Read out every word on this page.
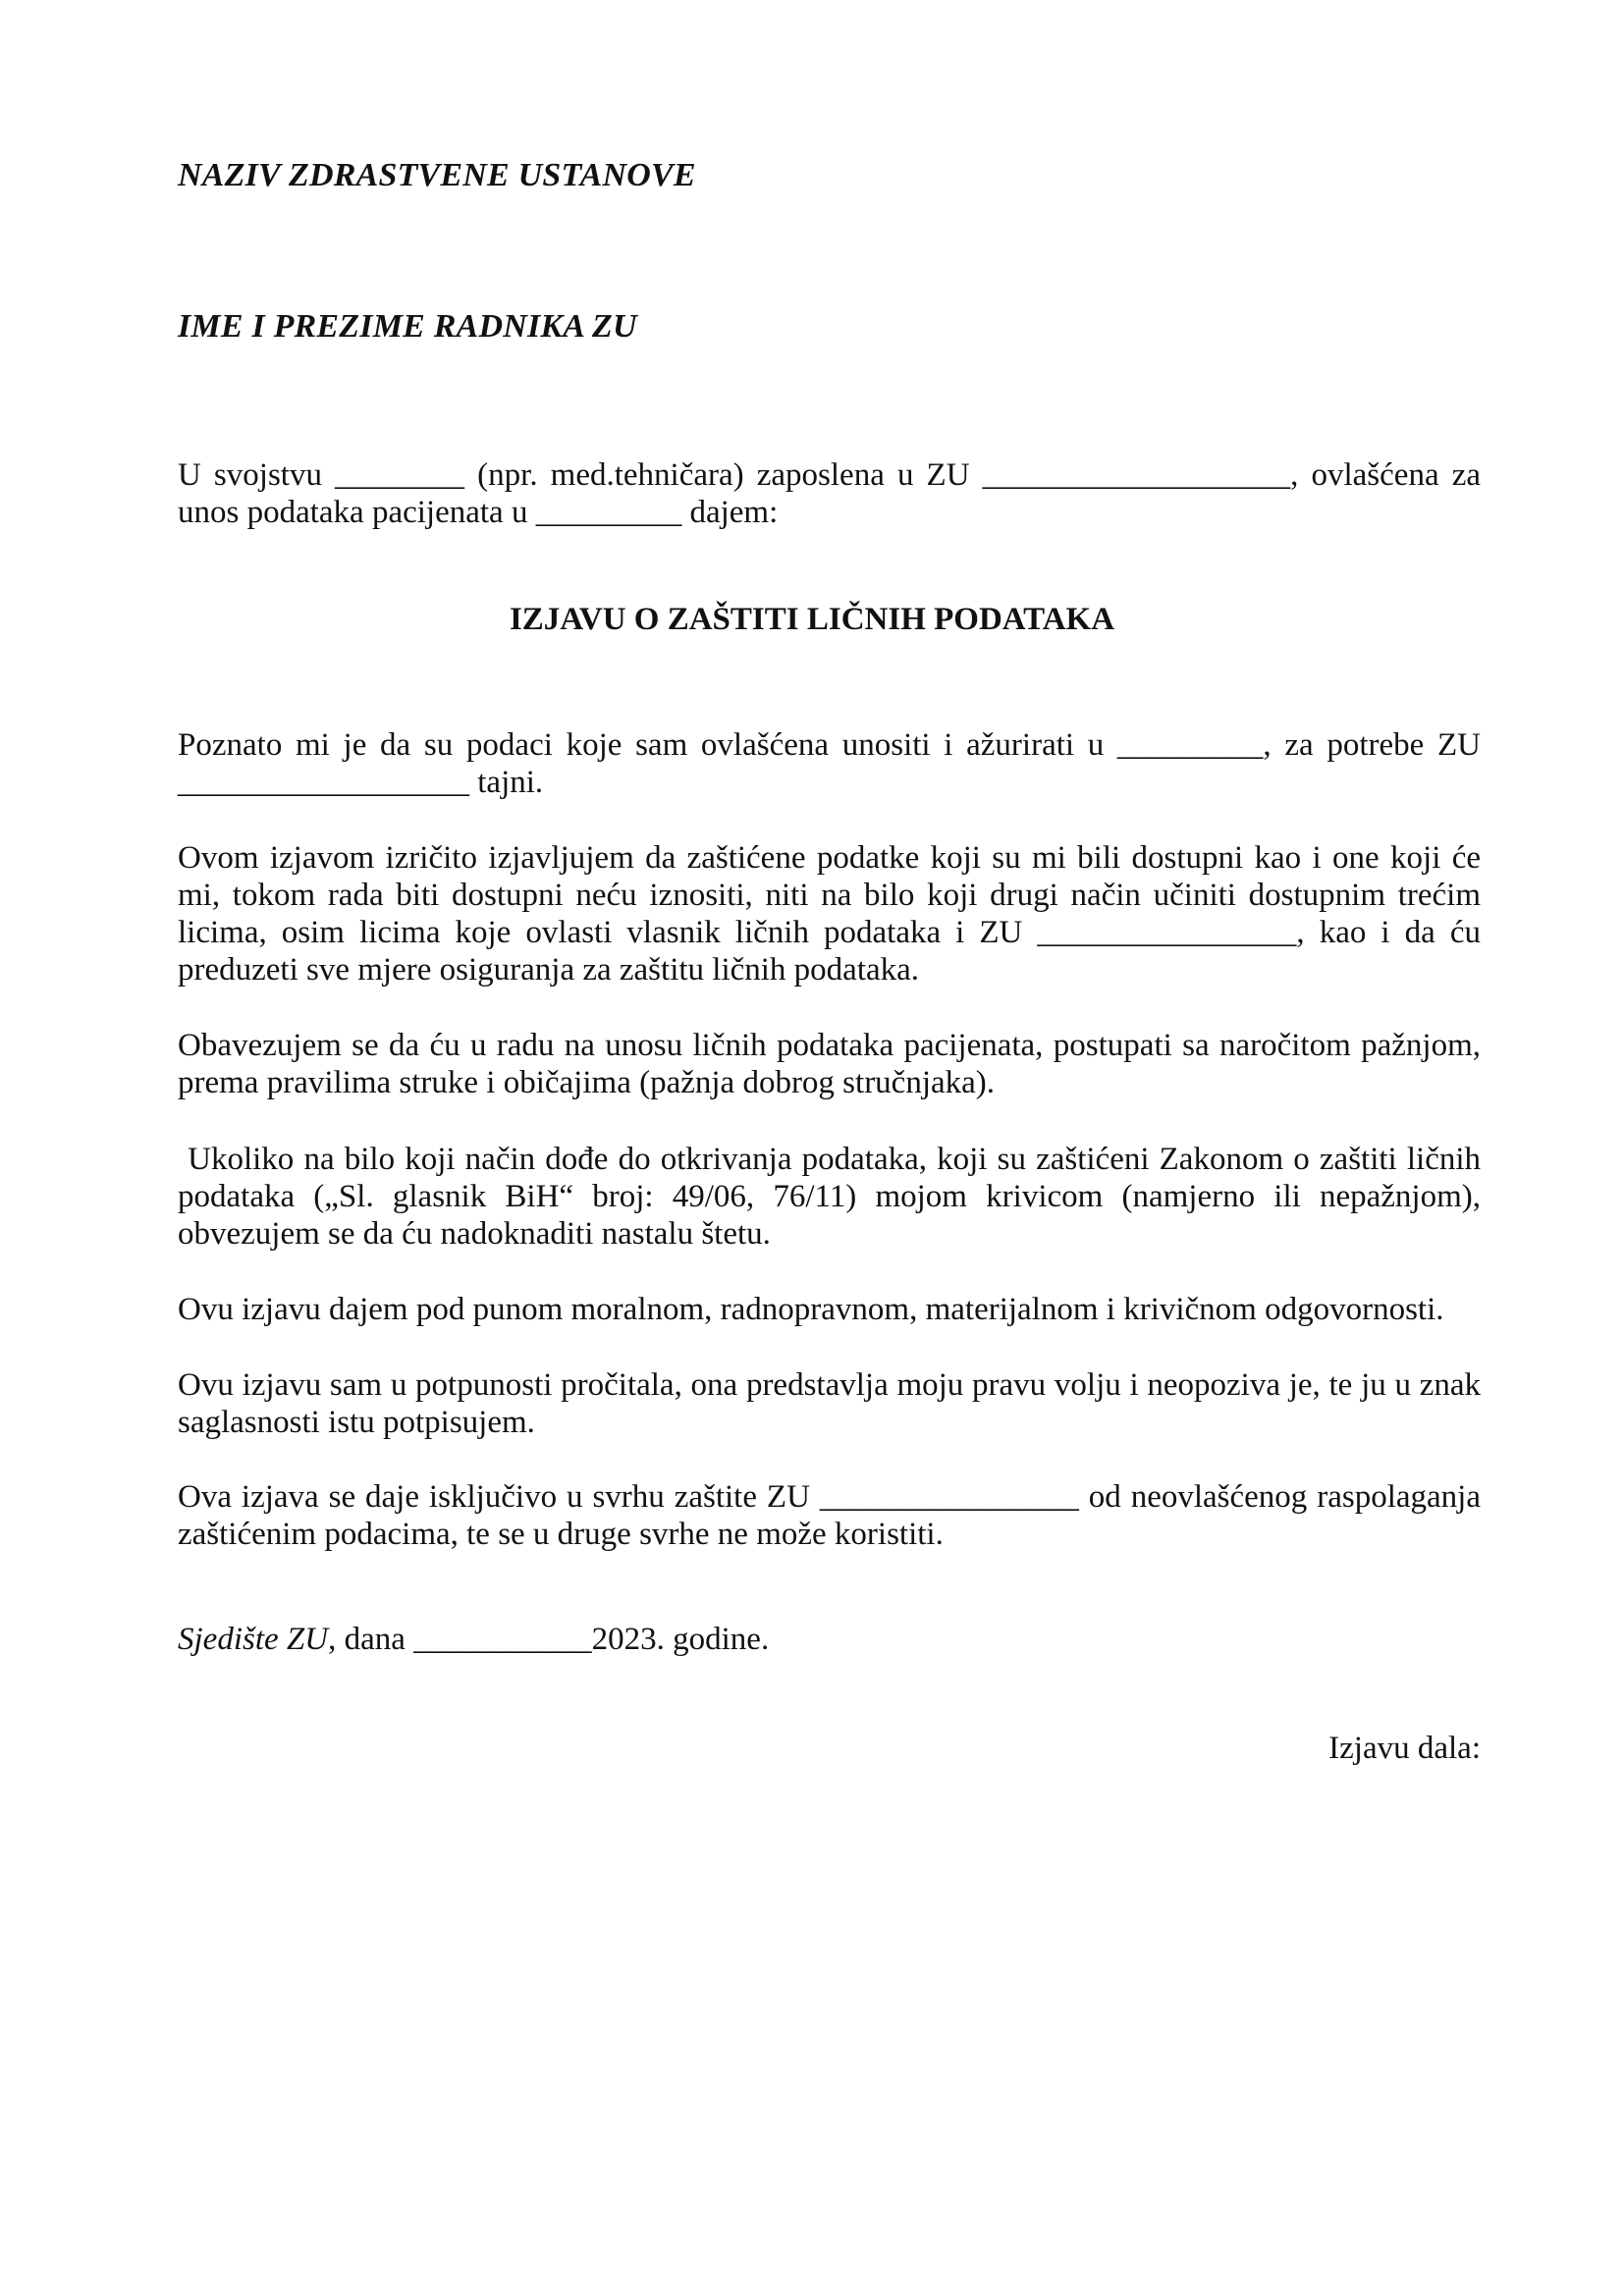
NAZIV ZDRASTVENE USTANOVE
IME I PREZIME RADNIKA ZU
U svojstvu ________ (npr. med.tehničara) zaposlena u ZU ___________________, ovlašćena za
unos podataka pacijenata u _________ dajem:
IZJAVU O ZAŠTITI LIČNIH PODATAKA
Poznato mi je da su podaci koje sam ovlašćena unositi i ažurirati u _________, za potrebe ZU
__________________ tajni.
Ovom izjavom izričito izjavljujem da zaštićene podatke koji su mi bili dostupni kao i one koji će
mi, tokom rada biti dostupni neću iznositi, niti na bilo koji drugi način učiniti dostupnim trećim
licima, osim licima koje ovlasti vlasnik ličnih podataka i ZU ________________, kao i da ću
preduzeti sve mjere osiguranja za zaštitu ličnih podataka.
Obavezujem se da ću u radu na unosu ličnih podataka pacijenata, postupati sa naročitom pažnjom,
prema pravilima struke i običajima (pažnja dobrog stručnjaka).
Ukoliko na bilo koji način dođe do otkrivanja podataka, koji su zaštićeni Zakonom o zaštiti ličnih
podataka („Sl. glasnik BiH“ broj: 49/06, 76/11) mojom krivicom (namjerno ili nepažnjom),
obvezujem se da ću nadoknaditi nastalu štetu.
Ovu izjavu dajem pod punom moralnom, radnopravnom, materijalnom i krivičnom odgovornosti.
Ovu izjavu sam u potpunosti pročitala, ona predstavlja moju pravu volju i neopoziva je, te ju u znak
saglasnosti istu potpisujem.
Ova izjava se daje isključivo u svrhu zaštite ZU ________________ od neovlašćenog raspolaganja
zaštićenim podacima, te se u druge svrhe ne može koristiti.
Sjedište ZU, dana ___________2023. godine.
Izjavu dala:
